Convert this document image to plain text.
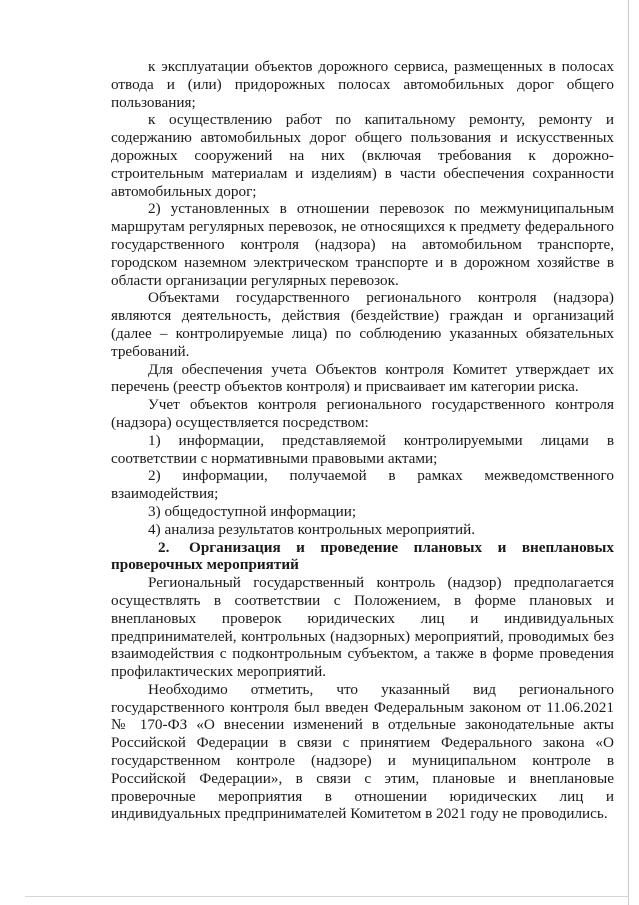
к эксплуатации объектов дорожного сервиса, размещенных в полосах отвода и (или) придорожных полосах автомобильных дорог общего пользования;

к осуществлению работ по капитальному ремонту, ремонту и содержанию автомобильных дорог общего пользования и искусственных дорожных сооружений на них (включая требования к дорожно-строительным материалам и изделиям) в части обеспечения сохранности автомобильных дорог;

2) установленных в отношении перевозок по межмуниципальным маршрутам регулярных перевозок, не относящихся к предмету федерального государственного контроля (надзора) на автомобильном транспорте, городском наземном электрическом транспорте и в дорожном хозяйстве в области организации регулярных перевозок.

Объектами государственного регионального контроля (надзора) являются деятельность, действия (бездействие) граждан и организаций (далее – контролируемые лица) по соблюдению указанных обязательных требований.

Для обеспечения учета Объектов контроля Комитет утверждает их перечень (реестр объектов контроля) и присваивает им категории риска.

Учет объектов контроля регионального государственного контроля (надзора) осуществляется посредством:

1) информации, представляемой контролируемыми лицами в соответствии с нормативными правовыми актами;

2) информации, получаемой в рамках межведомственного взаимодействия;

3) общедоступной информации;

4) анализа результатов контрольных мероприятий.

2. Организация и проведение плановых и внеплановых проверочных мероприятий

Региональный государственный контроль (надзор) предполагается осуществлять в соответствии с Положением, в форме плановых и внеплановых проверок юридических лиц и индивидуальных предпринимателей, контрольных (надзорных) мероприятий, проводимых без взаимодействия с подконтрольным субъектом, а также в форме проведения профилактических мероприятий.

Необходимо отметить, что указанный вид регионального государственного контроля был введен Федеральным законом от 11.06.2021 № 170-ФЗ «О внесении изменений в отдельные законодательные акты Российской Федерации в связи с принятием Федерального закона «О государственном контроле (надзоре) и муниципальном контроле в Российской Федерации», в связи с этим, плановые и внеплановые проверочные мероприятия в отношении юридических лиц и индивидуальных предпринимателей Комитетом в 2021 году не проводились.
